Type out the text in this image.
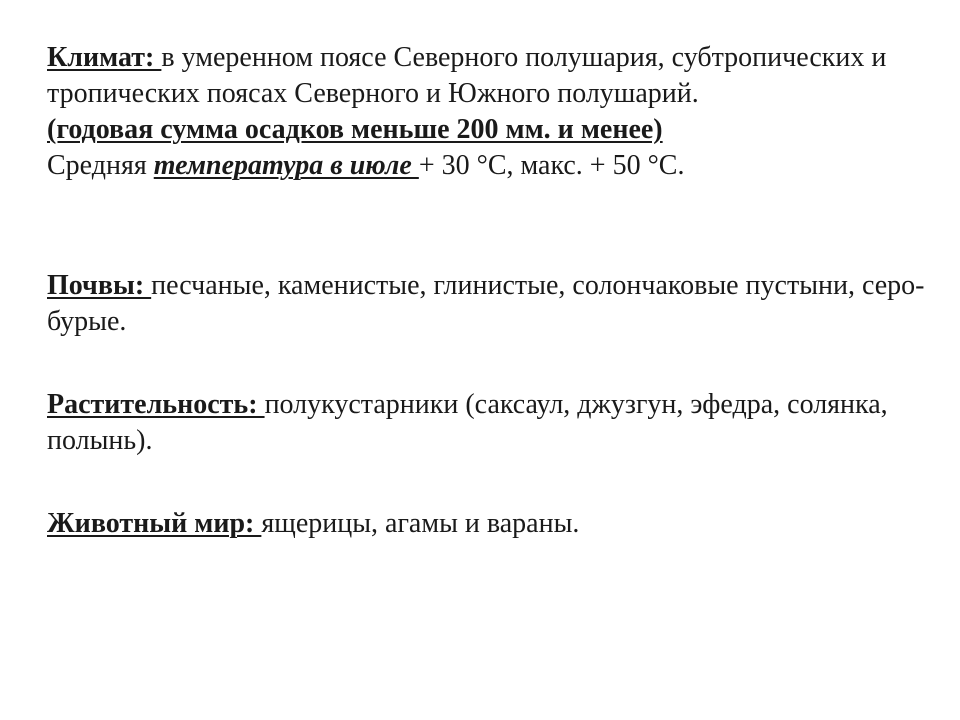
Климат: в умеренном поясе Северного полушария, субтропических и тропических поясах Северного и Южного полушарий.

(годовая сумма осадков меньше 200 мм. и менее)

Средняя температура в июле + 30 °С, макс. + 50 °С.

Почвы: песчаные, каменистые, глинистые, солончаковые пустыни, серо-бурые.

Растительность: полукустарники (саксаул, джузгун, эфедра, солянка, полынь).

Животный мир: ящерицы, агамы и вараны.
